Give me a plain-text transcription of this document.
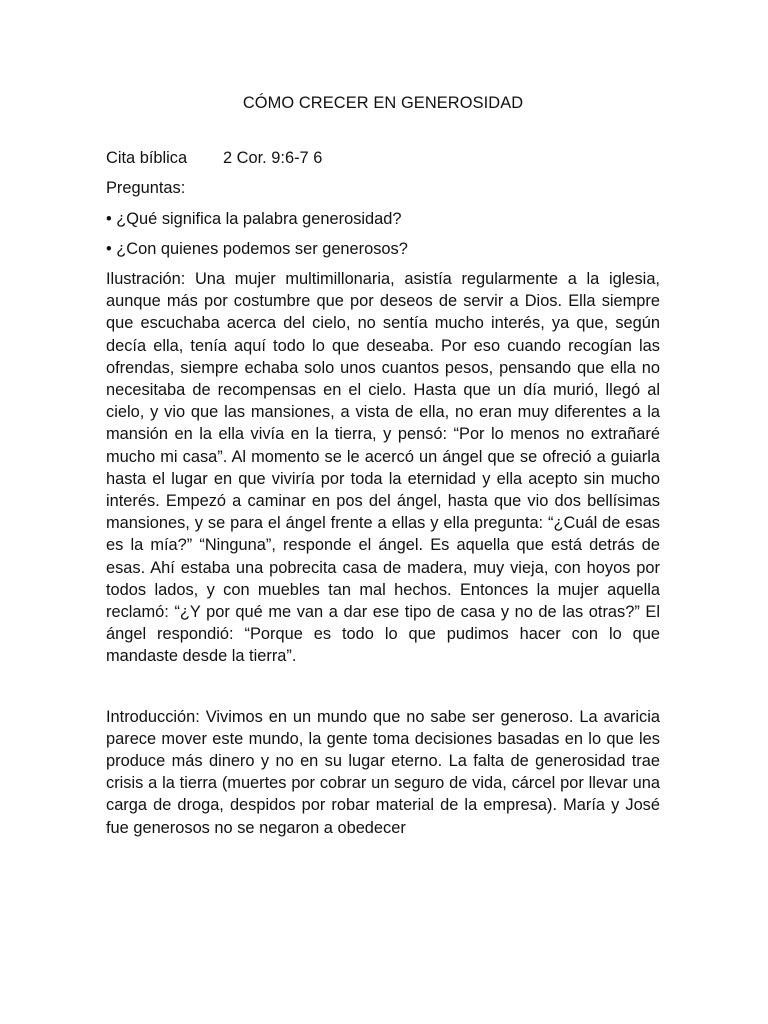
CÓMO CRECER EN GENEROSIDAD
Cita bíblica 2 Cor. 9:6-7 6
Preguntas:
• ¿Qué significa la palabra generosidad?
• ¿Con quienes podemos ser generosos?
Ilustración: Una mujer multimillonaria, asistía regularmente a la iglesia, aunque más por costumbre que por deseos de servir a Dios. Ella siempre que escuchaba acerca del cielo, no sentía mucho interés, ya que, según decía ella, tenía aquí todo lo que deseaba. Por eso cuando recogían las ofrendas, siempre echaba solo unos cuantos pesos, pensando que ella no necesitaba de recompensas en el cielo. Hasta que un día murió, llegó al cielo, y vio que las mansiones, a vista de ella, no eran muy diferentes a la mansión en la ella vivía en la tierra, y pensó: “Por lo menos no extrañaré mucho mi casa”. Al momento se le acercó un ángel que se ofreció a guiarla hasta el lugar en que viviría por toda la eternidad y ella acepto sin mucho interés. Empezó a caminar en pos del ángel, hasta que vio dos bellísimas mansiones, y se para el ángel frente a ellas y ella pregunta: “¿Cuál de esas es la mía?” “Ninguna”, responde el ángel. Es aquella que está detrás de esas. Ahí estaba una pobrecita casa de madera, muy vieja, con hoyos por todos lados, y con muebles tan mal hechos. Entonces la mujer aquella reclamó: “¿Y por qué me van a dar ese tipo de casa y no de las otras?” El ángel respondió: “Porque es todo lo que pudimos hacer con lo que mandaste desde la tierra”.
Introducción: Vivimos en un mundo que no sabe ser generoso. La avaricia parece mover este mundo, la gente toma decisiones basadas en lo que les produce más dinero y no en su lugar eterno. La falta de generosidad trae crisis a la tierra (muertes por cobrar un seguro de vida, cárcel por llevar una carga de droga, despidos por robar material de la empresa). María y José fue generosos no se negaron a obedecer
